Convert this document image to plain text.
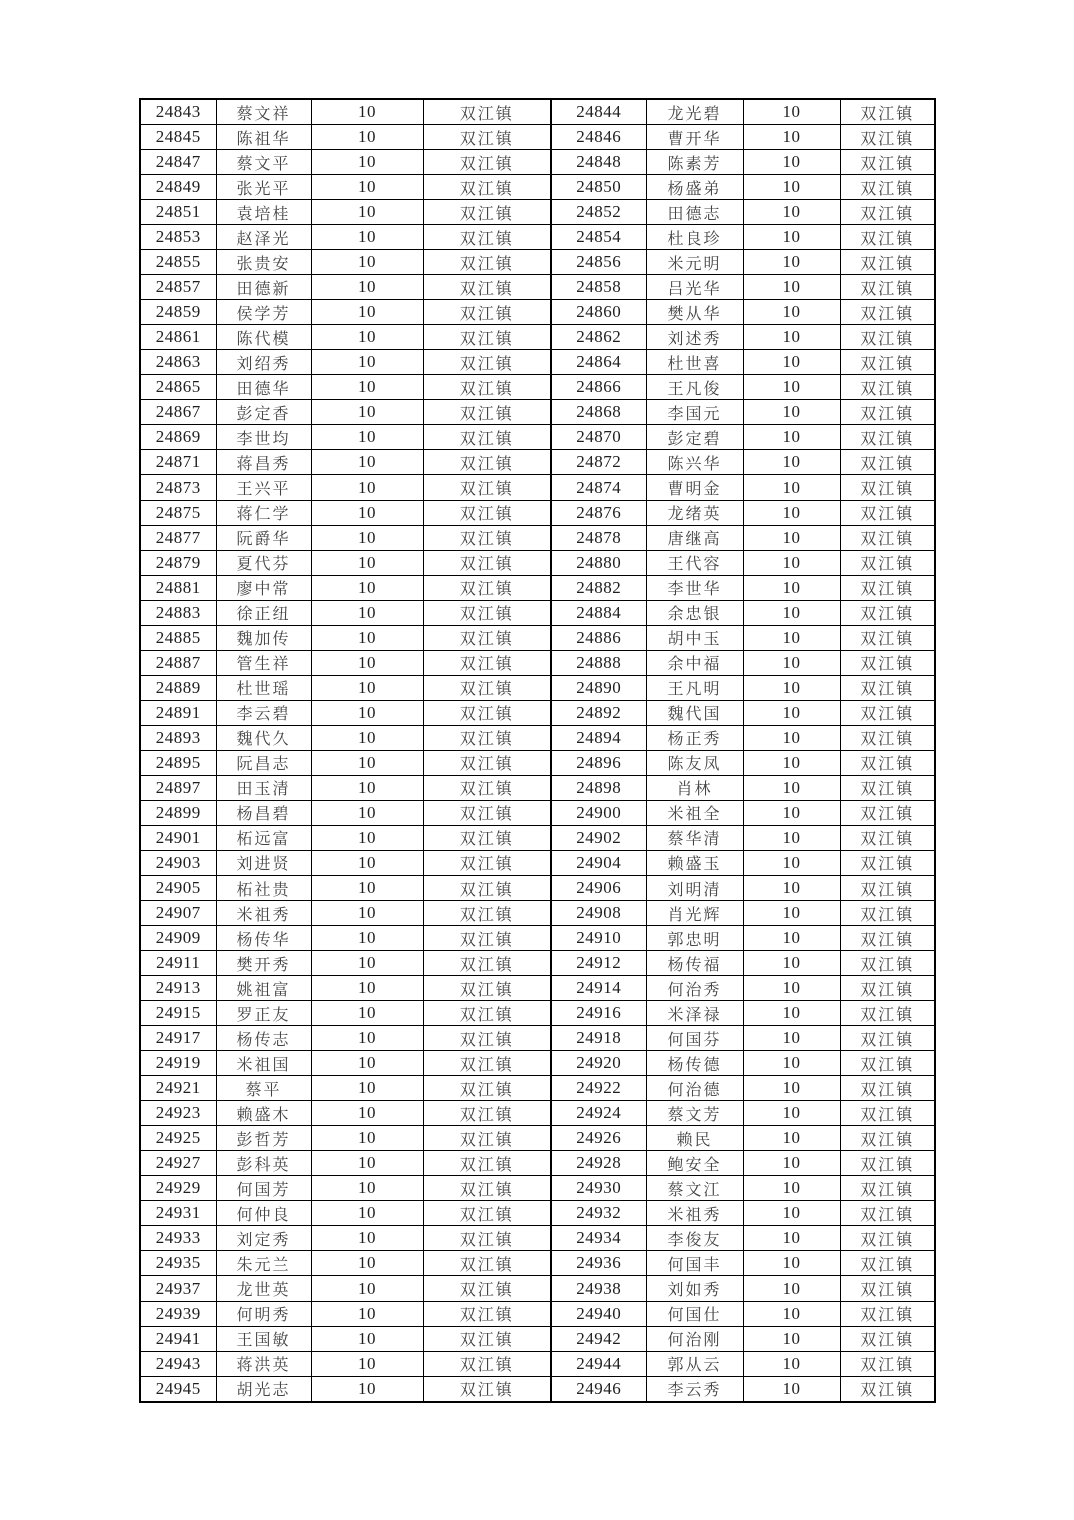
24843	蔡文祥	10	双江镇	24844	龙光碧	10	双江镇
24845	陈祖华	10	双江镇	24846	曹开华	10	双江镇
24847	蔡文平	10	双江镇	24848	陈素芳	10	双江镇
24849	张光平	10	双江镇	24850	杨盛弟	10	双江镇
24851	袁培桂	10	双江镇	24852	田德志	10	双江镇
24853	赵泽光	10	双江镇	24854	杜良珍	10	双江镇
24855	张贵安	10	双江镇	24856	米元明	10	双江镇
24857	田德新	10	双江镇	24858	吕光华	10	双江镇
24859	侯学芳	10	双江镇	24860	樊从华	10	双江镇
24861	陈代模	10	双江镇	24862	刘述秀	10	双江镇
24863	刘绍秀	10	双江镇	24864	杜世喜	10	双江镇
24865	田德华	10	双江镇	24866	王凡俊	10	双江镇
24867	彭定香	10	双江镇	24868	李国元	10	双江镇
24869	李世均	10	双江镇	24870	彭定碧	10	双江镇
24871	蒋昌秀	10	双江镇	24872	陈兴华	10	双江镇
24873	王兴平	10	双江镇	24874	曹明金	10	双江镇
24875	蒋仁学	10	双江镇	24876	龙绪英	10	双江镇
24877	阮爵华	10	双江镇	24878	唐继高	10	双江镇
24879	夏代芬	10	双江镇	24880	王代容	10	双江镇
24881	廖中常	10	双江镇	24882	李世华	10	双江镇
24883	徐正纽	10	双江镇	24884	余忠银	10	双江镇
24885	魏加传	10	双江镇	24886	胡中玉	10	双江镇
24887	管生祥	10	双江镇	24888	余中福	10	双江镇
24889	杜世瑶	10	双江镇	24890	王凡明	10	双江镇
24891	李云碧	10	双江镇	24892	魏代国	10	双江镇
24893	魏代久	10	双江镇	24894	杨正秀	10	双江镇
24895	阮昌志	10	双江镇	24896	陈友凤	10	双江镇
24897	田玉清	10	双江镇	24898	肖林	10	双江镇
24899	杨昌碧	10	双江镇	24900	米祖全	10	双江镇
24901	柘远富	10	双江镇	24902	蔡华清	10	双江镇
24903	刘进贤	10	双江镇	24904	赖盛玉	10	双江镇
24905	柘社贵	10	双江镇	24906	刘明清	10	双江镇
24907	米祖秀	10	双江镇	24908	肖光辉	10	双江镇
24909	杨传华	10	双江镇	24910	郭忠明	10	双江镇
24911	樊开秀	10	双江镇	24912	杨传福	10	双江镇
24913	姚祖富	10	双江镇	24914	何治秀	10	双江镇
24915	罗正友	10	双江镇	24916	米泽禄	10	双江镇
24917	杨传志	10	双江镇	24918	何国芬	10	双江镇
24919	米祖国	10	双江镇	24920	杨传德	10	双江镇
24921	蔡平	10	双江镇	24922	何治德	10	双江镇
24923	赖盛木	10	双江镇	24924	蔡文芳	10	双江镇
24925	彭哲芳	10	双江镇	24926	赖民	10	双江镇
24927	彭科英	10	双江镇	24928	鲍安全	10	双江镇
24929	何国芳	10	双江镇	24930	蔡文江	10	双江镇
24931	何仲良	10	双江镇	24932	米祖秀	10	双江镇
24933	刘定秀	10	双江镇	24934	李俊友	10	双江镇
24935	朱元兰	10	双江镇	24936	何国丰	10	双江镇
24937	龙世英	10	双江镇	24938	刘如秀	10	双江镇
24939	何明秀	10	双江镇	24940	何国仕	10	双江镇
24941	王国敏	10	双江镇	24942	何治刚	10	双江镇
24943	蒋洪英	10	双江镇	24944	郭从云	10	双江镇
24945	胡光志	10	双江镇	24946	李云秀	10	双江镇
